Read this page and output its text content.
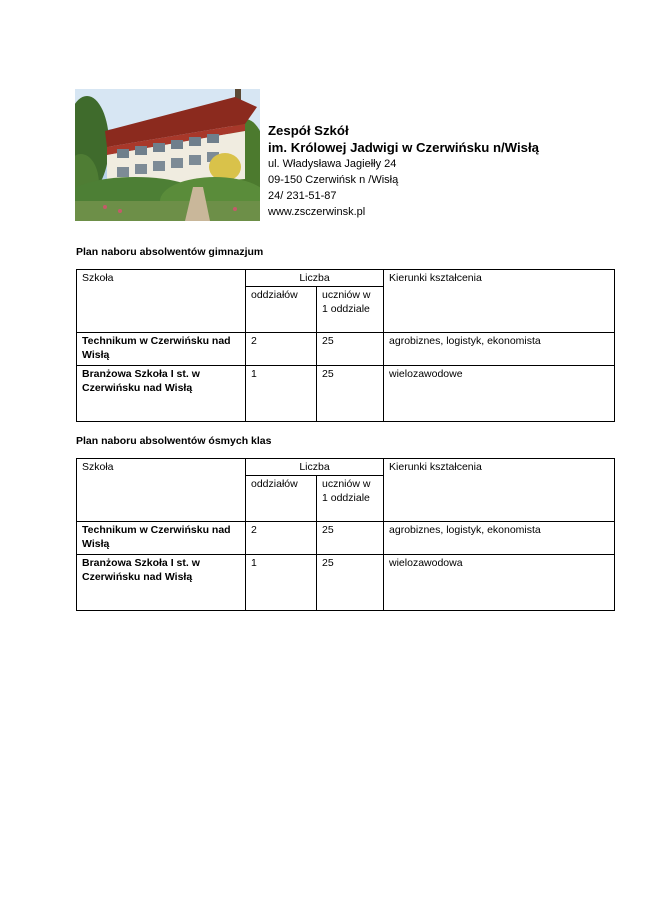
Zespół Szkół
im. Królowej Jadwigi w Czerwińsku n/Wisłą
ul. Władysława Jagiełły 24
09-150 Czerwińsk n /Wisłą
24/ 231-51-87
www.zsczerwinsk.pl
Plan naboru absolwentów gimnazjum
Szkoła	Liczba		Kierunki kształcenia
	oddziałów	uczniów w 1 oddziale	
Technikum w Czerwińsku nad Wisłą	2	25	agrobiznes, logistyk, ekonomista
Branżowa Szkoła I st. w Czerwińsku nad Wisłą	1	25	wielozawodowe
Plan naboru absolwentów ósmych klas
Szkoła	Liczba		Kierunki kształcenia
	oddziałów	uczniów w 1 oddziale	
Technikum w Czerwińsku nad Wisłą	2	25	agrobiznes, logistyk, ekonomista
Branżowa Szkoła I st. w Czerwińsku nad Wisłą	1	25	wielozawodowa
